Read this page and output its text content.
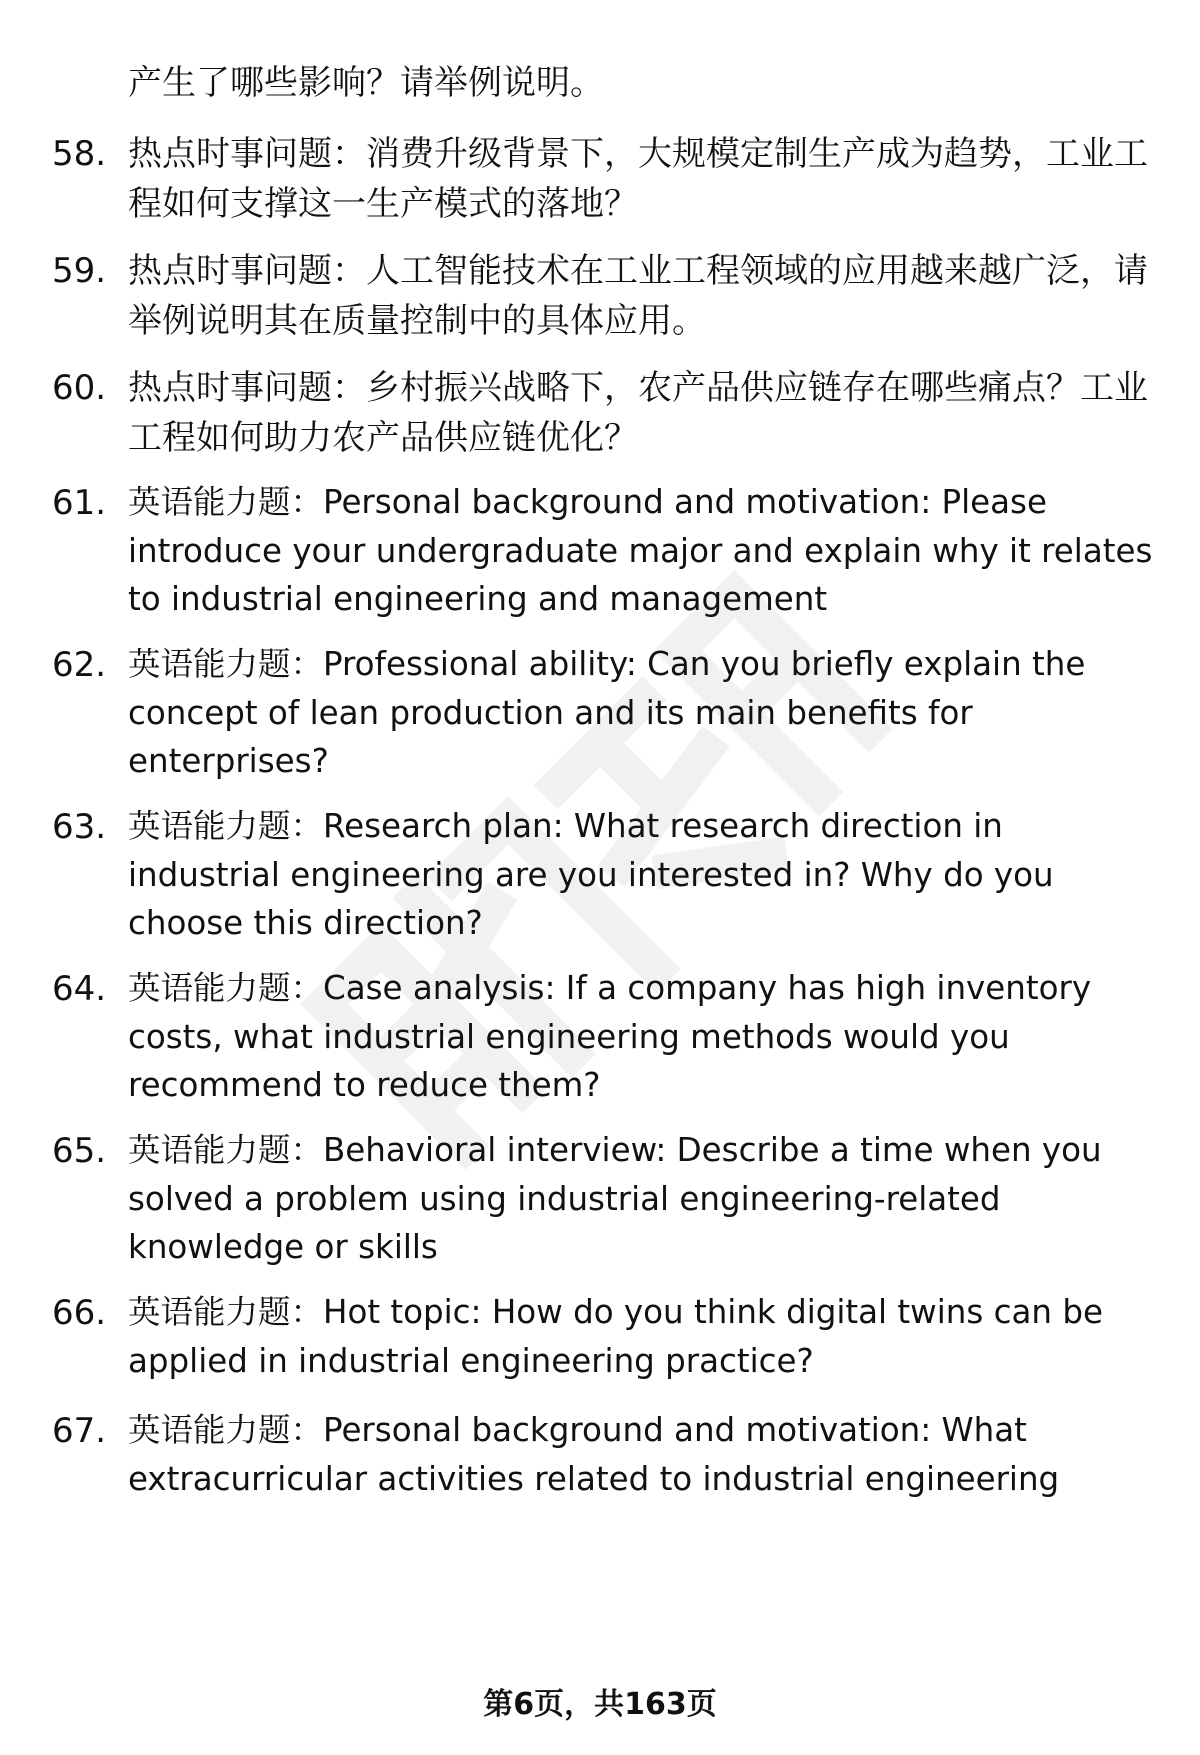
产生了哪些影响？请举例说明。

58. 热点时事问题：消费升级背景下，大规模定制生产成为趋势，工业工程如何支撑这一生产模式的落地？

59. 热点时事问题：人工智能技术在工业工程领域的应用越来越广泛，请举例说明其在质量控制中的具体应用。

60. 热点时事问题：乡村振兴战略下，农产品供应链存在哪些痛点？工业工程如何助力农产品供应链优化？

61. 英语能力题：Personal background and motivation: Please introduce your undergraduate major and explain why it relates to industrial engineering and management

62. 英语能力题：Professional ability: Can you briefly explain the concept of lean production and its main benefits for enterprises?

63. 英语能力题：Research plan: What research direction in industrial engineering are you interested in? Why do you choose this direction?

64. 英语能力题：Case analysis: If a company has high inventory costs, what industrial engineering methods would you recommend to reduce them?

65. 英语能力题：Behavioral interview: Describe a time when you solved a problem using industrial engineering-related knowledge or skills

66. 英语能力题：Hot topic: How do you think digital twins can be applied in industrial engineering practice?

67. 英语能力题：Personal background and motivation: What extracurricular activities related to industrial engineering

第6页，共163页
